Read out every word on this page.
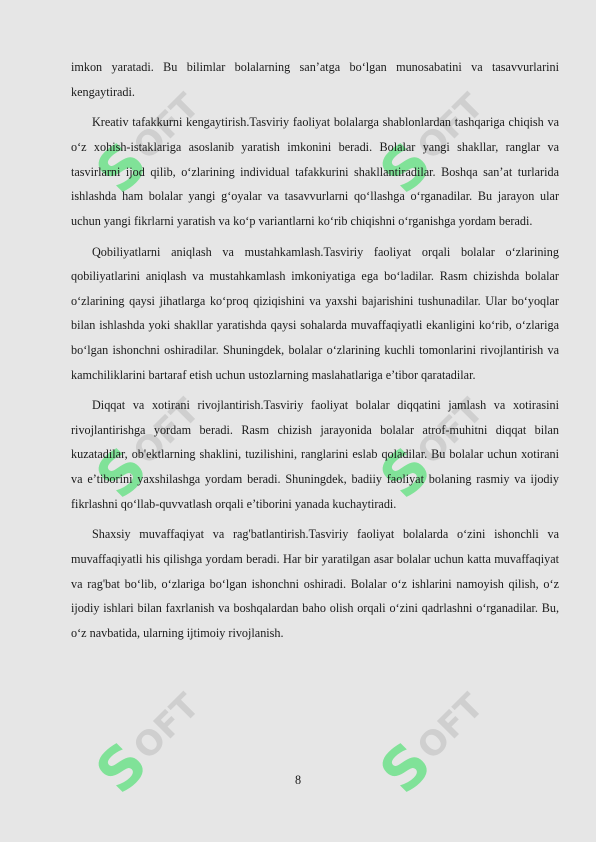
S
OFT
S
OFT
S
OFT
S
OFT
S
OFT
S
OFT

imkon yaratadi. Bu bilimlar bolalarning san’atga bo‘lgan munosabatini va tasavvurlarini kengaytiradi.

Kreativ tafakkurni kengaytirish.Tasviriy faoliyat bolalarga shablonlardan tashqariga chiqish va o‘z xohish-istaklariga asoslanib yaratish imkonini beradi. Bolalar yangi shakllar, ranglar va tasvirlarni ijod qilib, o‘zlarining individual tafakkurini shakllantiradilar. Boshqa san’at turlarida ishlashda ham bolalar yangi g‘oyalar va tasavvurlarni qo‘llashga o‘rganadilar. Bu jarayon ular uchun yangi fikrlarni yaratish va ko‘p variantlarni ko‘rib chiqishni o‘rganishga yordam beradi.

Qobiliyatlarni aniqlash va mustahkamlash.Tasviriy faoliyat orqali bolalar o‘zlarining qobiliyatlarini aniqlash va mustahkamlash imkoniyatiga ega bo‘ladilar. Rasm chizishda bolalar o‘zlarining qaysi jihatlarga ko‘proq qiziqishini va yaxshi bajarishini tushunadilar. Ular bo‘yoqlar bilan ishlashda yoki shakllar yaratishda qaysi sohalarda muvaffaqiyatli ekanligini ko‘rib, o‘zlariga bo‘lgan ishonchni oshiradilar. Shuningdek, bolalar o‘zlarining kuchli tomonlarini rivojlantirish va kamchiliklarini bartaraf etish uchun ustozlarning maslahatlariga e’tibor qaratadilar.

Diqqat va xotirani rivojlantirish.Tasviriy faoliyat bolalar diqqatini jamlash va xotirasini rivojlantirishga yordam beradi. Rasm chizish jarayonida bolalar atrof-muhitni diqqat bilan kuzatadilar, ob'ektlarning shaklini, tuzilishini, ranglarini eslab qoladilar. Bu bolalar uchun xotirani va e’tiborini yaxshilashga yordam beradi. Shuningdek, badiiy faoliyat bolaning rasmiy va ijodiy fikrlashni qo‘llab-quvvatlash orqali e’tiborini yanada kuchaytiradi.

Shaxsiy muvaffaqiyat va rag'batlantirish.Tasviriy faoliyat bolalarda o‘zini ishonchli va muvaffaqiyatli his qilishga yordam beradi. Har bir yaratilgan asar bolalar uchun katta muvaffaqiyat va rag'bat bo‘lib, o‘zlariga bo‘lgan ishonchni oshiradi. Bolalar o‘z ishlarini namoyish qilish, o‘z ijodiy ishlari bilan faxrlanish va boshqalardan baho olish orqali o‘zini qadrlashni o‘rganadilar. Bu, o‘z navbatida, ularning ijtimoiy rivojlanish.

8
